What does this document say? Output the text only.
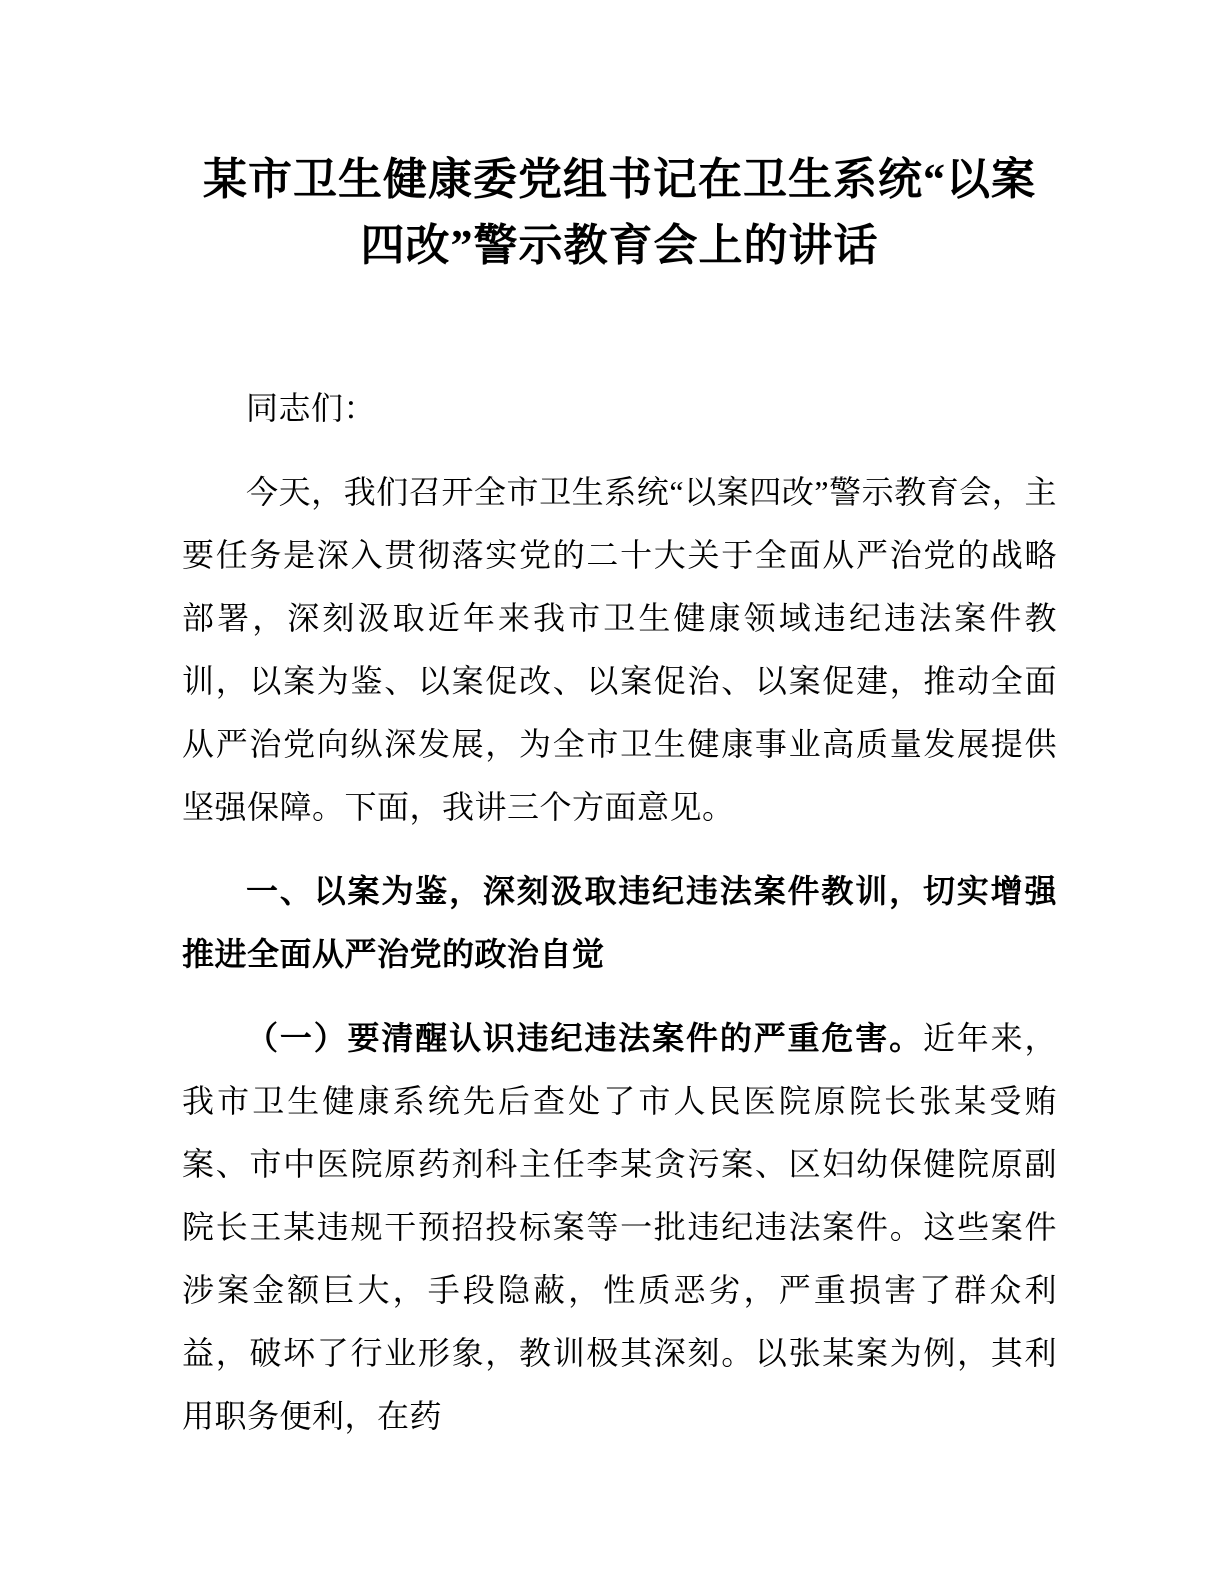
某市卫生健康委党组书记在卫生系统“以案四改”警示教育会上的讲话

同志们：

今天，我们召开全市卫生系统“以案四改”警示教育会，主要任务是深入贯彻落实党的二十大关于全面从严治党的战略部署，深刻汲取近年来我市卫生健康领域违纪违法案件教训，以案为鉴、以案促改、以案促治、以案促建，推动全面从严治党向纵深发展，为全市卫生健康事业高质量发展提供坚强保障。下面，我讲三个方面意见。

一、以案为鉴，深刻汲取违纪违法案件教训，切实增强推进全面从严治党的政治自觉

（一）要清醒认识违纪违法案件的严重危害。近年来，我市卫生健康系统先后查处了市人民医院原院长张某受贿案、市中医院原药剂科主任李某贪污案、区妇幼保健院原副院长王某违规干预招投标案等一批违纪违法案件。这些案件涉案金额巨大，手段隐蔽，性质恶劣，严重损害了群众利益，破坏了行业形象，教训极其深刻。以张某案为例，其利用职务便利，在药
